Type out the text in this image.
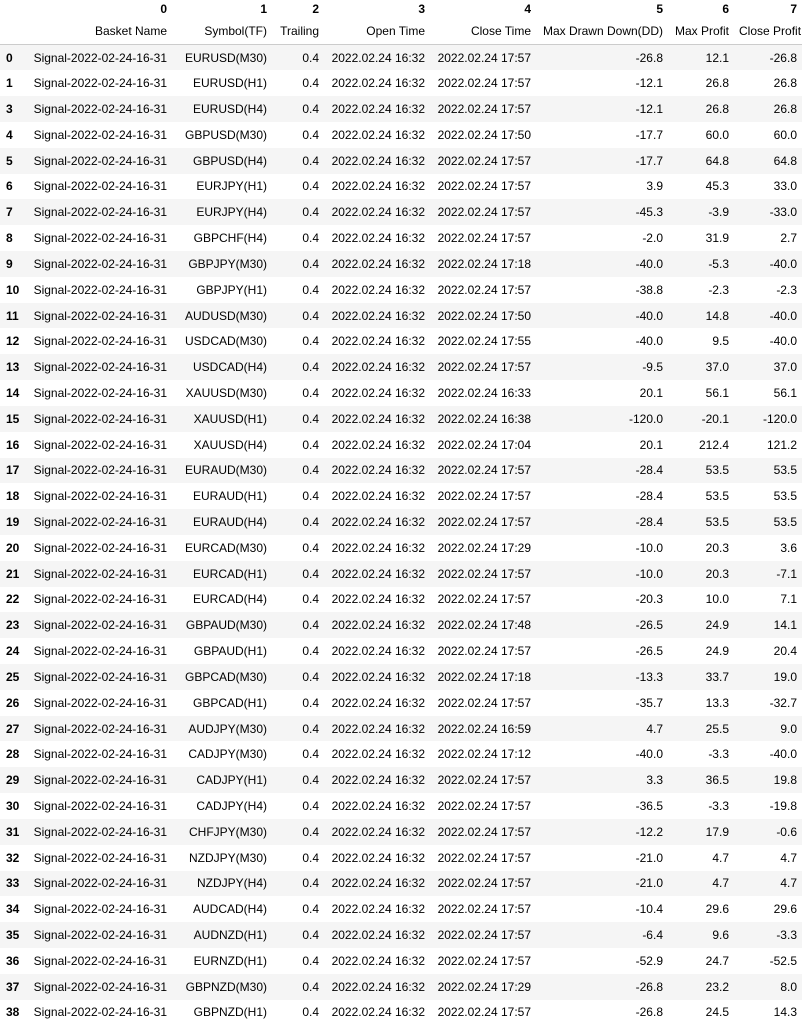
	0	1	2	3	4	5	6	7
	Basket Name	Symbol(TF)	Trailing	Open Time	Close Time	Max Drawn Down(DD)	Max Profit	Close Profit
0	Signal-2022-02-24-16-31	EURUSD(M30)	0.4	2022.02.24 16:32	2022.02.24 17:57	-26.8	12.1	-26.8
1	Signal-2022-02-24-16-31	EURUSD(H1)	0.4	2022.02.24 16:32	2022.02.24 17:57	-12.1	26.8	26.8
3	Signal-2022-02-24-16-31	EURUSD(H4)	0.4	2022.02.24 16:32	2022.02.24 17:57	-12.1	26.8	26.8
4	Signal-2022-02-24-16-31	GBPUSD(M30)	0.4	2022.02.24 16:32	2022.02.24 17:50	-17.7	60.0	60.0
5	Signal-2022-02-24-16-31	GBPUSD(H4)	0.4	2022.02.24 16:32	2022.02.24 17:57	-17.7	64.8	64.8
6	Signal-2022-02-24-16-31	EURJPY(H1)	0.4	2022.02.24 16:32	2022.02.24 17:57	3.9	45.3	33.0
7	Signal-2022-02-24-16-31	EURJPY(H4)	0.4	2022.02.24 16:32	2022.02.24 17:57	-45.3	-3.9	-33.0
8	Signal-2022-02-24-16-31	GBPCHF(H4)	0.4	2022.02.24 16:32	2022.02.24 17:57	-2.0	31.9	2.7
9	Signal-2022-02-24-16-31	GBPJPY(M30)	0.4	2022.02.24 16:32	2022.02.24 17:18	-40.0	-5.3	-40.0
10	Signal-2022-02-24-16-31	GBPJPY(H1)	0.4	2022.02.24 16:32	2022.02.24 17:57	-38.8	-2.3	-2.3
11	Signal-2022-02-24-16-31	AUDUSD(M30)	0.4	2022.02.24 16:32	2022.02.24 17:50	-40.0	14.8	-40.0
12	Signal-2022-02-24-16-31	USDCAD(M30)	0.4	2022.02.24 16:32	2022.02.24 17:55	-40.0	9.5	-40.0
13	Signal-2022-02-24-16-31	USDCAD(H4)	0.4	2022.02.24 16:32	2022.02.24 17:57	-9.5	37.0	37.0
14	Signal-2022-02-24-16-31	XAUUSD(M30)	0.4	2022.02.24 16:32	2022.02.24 16:33	20.1	56.1	56.1
15	Signal-2022-02-24-16-31	XAUUSD(H1)	0.4	2022.02.24 16:32	2022.02.24 16:38	-120.0	-20.1	-120.0
16	Signal-2022-02-24-16-31	XAUUSD(H4)	0.4	2022.02.24 16:32	2022.02.24 17:04	20.1	212.4	121.2
17	Signal-2022-02-24-16-31	EURAUD(M30)	0.4	2022.02.24 16:32	2022.02.24 17:57	-28.4	53.5	53.5
18	Signal-2022-02-24-16-31	EURAUD(H1)	0.4	2022.02.24 16:32	2022.02.24 17:57	-28.4	53.5	53.5
19	Signal-2022-02-24-16-31	EURAUD(H4)	0.4	2022.02.24 16:32	2022.02.24 17:57	-28.4	53.5	53.5
20	Signal-2022-02-24-16-31	EURCAD(M30)	0.4	2022.02.24 16:32	2022.02.24 17:29	-10.0	20.3	3.6
21	Signal-2022-02-24-16-31	EURCAD(H1)	0.4	2022.02.24 16:32	2022.02.24 17:57	-10.0	20.3	-7.1
22	Signal-2022-02-24-16-31	EURCAD(H4)	0.4	2022.02.24 16:32	2022.02.24 17:57	-20.3	10.0	7.1
23	Signal-2022-02-24-16-31	GBPAUD(M30)	0.4	2022.02.24 16:32	2022.02.24 17:48	-26.5	24.9	14.1
24	Signal-2022-02-24-16-31	GBPAUD(H1)	0.4	2022.02.24 16:32	2022.02.24 17:57	-26.5	24.9	20.4
25	Signal-2022-02-24-16-31	GBPCAD(M30)	0.4	2022.02.24 16:32	2022.02.24 17:18	-13.3	33.7	19.0
26	Signal-2022-02-24-16-31	GBPCAD(H1)	0.4	2022.02.24 16:32	2022.02.24 17:57	-35.7	13.3	-32.7
27	Signal-2022-02-24-16-31	AUDJPY(M30)	0.4	2022.02.24 16:32	2022.02.24 16:59	4.7	25.5	9.0
28	Signal-2022-02-24-16-31	CADJPY(M30)	0.4	2022.02.24 16:32	2022.02.24 17:12	-40.0	-3.3	-40.0
29	Signal-2022-02-24-16-31	CADJPY(H1)	0.4	2022.02.24 16:32	2022.02.24 17:57	3.3	36.5	19.8
30	Signal-2022-02-24-16-31	CADJPY(H4)	0.4	2022.02.24 16:32	2022.02.24 17:57	-36.5	-3.3	-19.8
31	Signal-2022-02-24-16-31	CHFJPY(M30)	0.4	2022.02.24 16:32	2022.02.24 17:57	-12.2	17.9	-0.6
32	Signal-2022-02-24-16-31	NZDJPY(M30)	0.4	2022.02.24 16:32	2022.02.24 17:57	-21.0	4.7	4.7
33	Signal-2022-02-24-16-31	NZDJPY(H4)	0.4	2022.02.24 16:32	2022.02.24 17:57	-21.0	4.7	4.7
34	Signal-2022-02-24-16-31	AUDCAD(H4)	0.4	2022.02.24 16:32	2022.02.24 17:57	-10.4	29.6	29.6
35	Signal-2022-02-24-16-31	AUDNZD(H1)	0.4	2022.02.24 16:32	2022.02.24 17:57	-6.4	9.6	-3.3
36	Signal-2022-02-24-16-31	EURNZD(H1)	0.4	2022.02.24 16:32	2022.02.24 17:57	-52.9	24.7	-52.5
37	Signal-2022-02-24-16-31	GBPNZD(M30)	0.4	2022.02.24 16:32	2022.02.24 17:29	-26.8	23.2	8.0
38	Signal-2022-02-24-16-31	GBPNZD(H1)	0.4	2022.02.24 16:32	2022.02.24 17:57	-26.8	24.5	14.3
